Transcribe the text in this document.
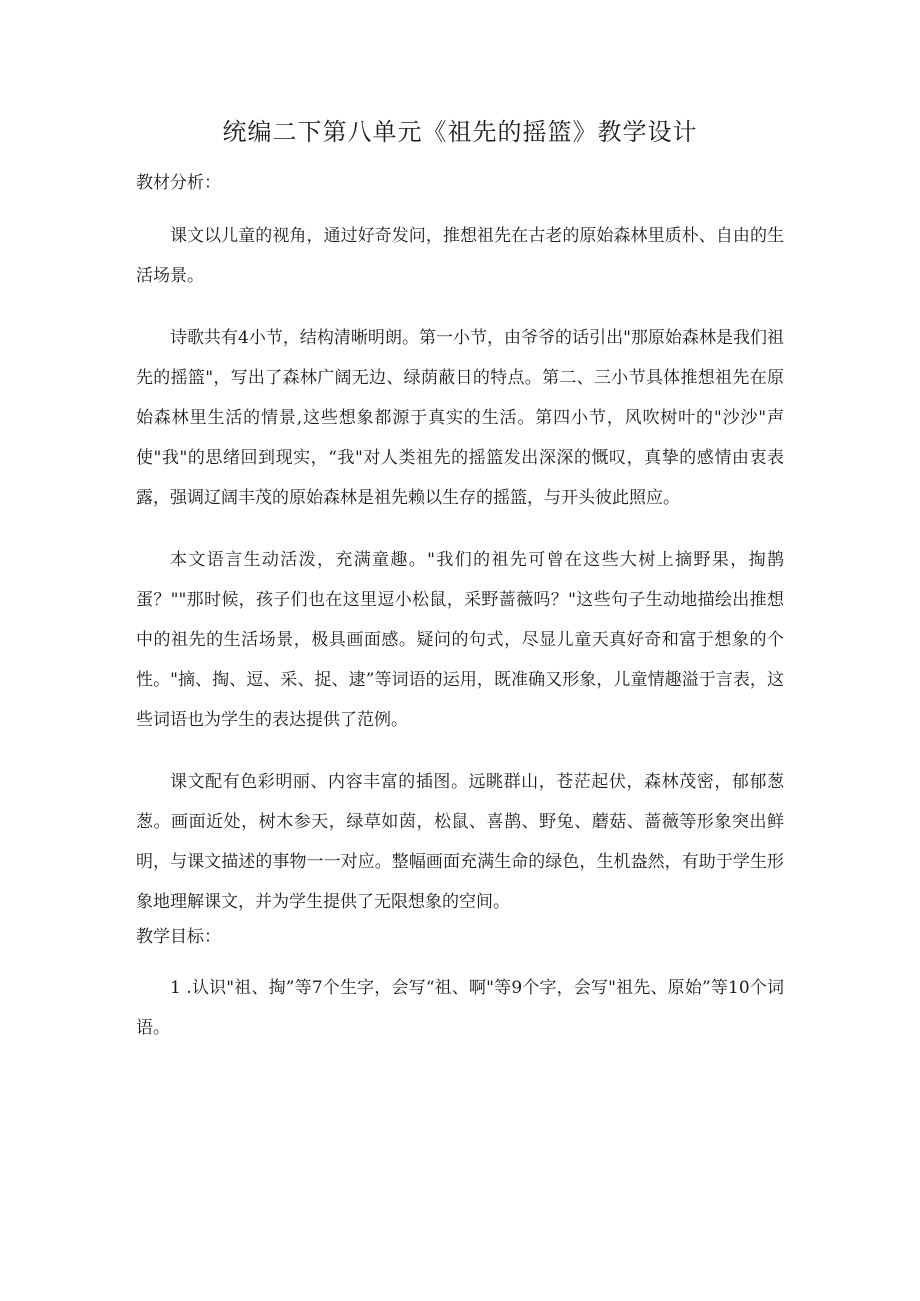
统编二下第八单元《祖先的摇篮》教学设计

教材分析：

课文以儿童的视角，通过好奇发问，推想祖先在古老的原始森林里质朴、自由的生活场景。

诗歌共有4小节，结构清晰明朗。第一小节，由爷爷的话引出"那原始森林是我们祖先的摇篮"，写出了森林广阔无边、绿荫蔽日的特点。第二、三小节具体推想祖先在原始森林里生活的情景,这些想象都源于真实的生活。第四小节，风吹树叶的"沙沙"声使"我"的思绪回到现实，“我"对人类祖先的摇篮发出深深的慨叹，真挚的感情由衷表露，强调辽阔丰茂的原始森林是祖先赖以生存的摇篮，与开头彼此照应。

本文语言生动活泼，充满童趣。"我们的祖先可曾在这些大树上摘野果，掏鹊蛋？""那时候，孩子们也在这里逗小松鼠，采野蔷薇吗？"这些句子生动地描绘出推想中的祖先的生活场景，极具画面感。疑问的句式，尽显儿童天真好奇和富于想象的个性。"摘、掏、逗、采、捉、逮”等词语的运用，既准确又形象，儿童情趣溢于言表，这些词语也为学生的表达提供了范例。

课文配有色彩明丽、内容丰富的插图。远眺群山，苍茫起伏，森林茂密，郁郁葱葱。画面近处，树木参天，绿草如茵，松鼠、喜鹊、野兔、蘑菇、蔷薇等形象突出鲜明，与课文描述的事物一一对应。整幅画面充满生命的绿色，生机盎然，有助于学生形象地理解课文，并为学生提供了无限想象的空间。

教学目标：

1 .认识"祖、掏”等7个生字，会写“祖、啊"等9个字，会写"祖先、原始”等10个词语。
